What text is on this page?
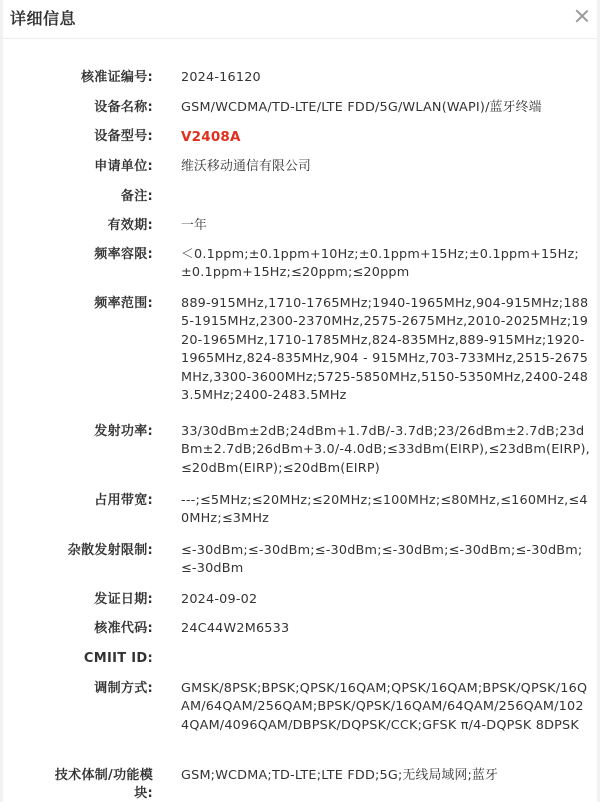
详细信息
核准证编号: 2024-16120
设备名称: GSM/WCDMA/TD-LTE/LTE FDD/5G/WLAN(WAPI)/蓝牙终端
设备型号: V2408A
申请单位: 维沃移动通信有限公司
备注:
有效期: 一年
频率容限: ＜0.1ppm;±0.1ppm+10Hz;±0.1ppm+15Hz;±0.1ppm+15Hz;±0.1ppm+15Hz;≤20ppm;≤20ppm
频率范围: 889-915MHz,1710-1765MHz;1940-1965MHz,904-915MHz;1885-1915MHz,2300-2370MHz,2575-2675MHz,2010-2025MHz;1920-1965MHz,1710-1785MHz,824-835MHz,889-915MHz;1920-1965MHz,824-835MHz,904 - 915MHz,703-733MHz,2515-2675MHz,3300-3600MHz;5725-5850MHz,5150-5350MHz,2400-2483.5MHz;2400-2483.5MHz
发射功率: 33/30dBm±2dB;24dBm+1.7dB/-3.7dB;23/26dBm±2.7dB;23dBm±2.7dB;26dBm+3.0/-4.0dB;≤33dBm(EIRP),≤23dBm(EIRP),≤20dBm(EIRP);≤20dBm(EIRP)
占用带宽: ---;≤5MHz;≤20MHz;≤20MHz;≤100MHz;≤80MHz,≤160MHz,≤40MHz;≤3MHz
杂散发射限制: ≤-30dBm;≤-30dBm;≤-30dBm;≤-30dBm;≤-30dBm;≤-30dBm;≤-30dBm
发证日期: 2024-09-02
核准代码: 24C44W2M6533
CMIIT ID:
调制方式: GMSK/8PSK;BPSK;QPSK/16QAM;QPSK/16QAM;BPSK/QPSK/16QAM/64QAM/256QAM;BPSK/QPSK/16QAM/64QAM/256QAM/1024QAM/4096QAM/DBPSK/DQPSK/CCK;GFSK π/4-DQPSK 8DPSK
技术体制/功能模块:
GSM;WCDMA;TD-LTE;LTE FDD;5G;无线局域网;蓝牙
